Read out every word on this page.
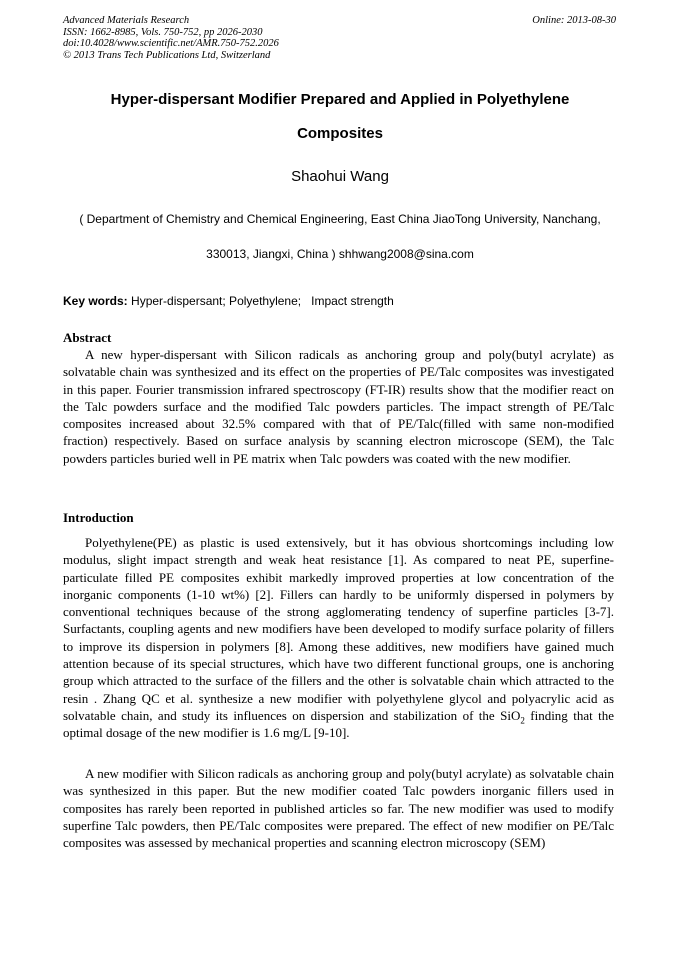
Advanced Materials Research
ISSN: 1662-8985, Vols. 750-752, pp 2026-2030
doi:10.4028/www.scientific.net/AMR.750-752.2026
© 2013 Trans Tech Publications Ltd, Switzerland
Online: 2013-08-30
Hyper-dispersant Modifier Prepared and Applied in Polyethylene
Composites
Shaohui Wang
( Department of Chemistry and Chemical Engineering, East China JiaoTong University, Nanchang,
330013, Jiangxi, China ) shhwang2008@sina.com
Key words: Hyper-dispersant; Polyethylene;   Impact strength
Abstract

A new hyper-dispersant with Silicon radicals as anchoring group and poly(butyl acrylate) as solvatable chain was synthesized and its effect on the properties of PE/Talc composites was investigated in this paper. Fourier transmission infrared spectroscopy (FT-IR) results show that the modifier react on the Talc powders surface and the modified Talc powders particles. The impact strength of PE/Talc composites increased about 32.5% compared with that of PE/Talc(filled with same non-modified fraction) respectively. Based on surface analysis by scanning electron microscope (SEM), the Talc powders particles buried well in PE matrix when Talc powders was coated with the new modifier.

Introduction

Polyethylene(PE) as plastic is used extensively, but it has obvious shortcomings including low modulus, slight impact strength and weak heat resistance [1]. As compared to neat PE, superfine-particulate filled PE composites exhibit markedly improved properties at low concentration of the inorganic components (1-10 wt%) [2]. Fillers can hardly to be uniformly dispersed in polymers by conventional techniques because of the strong agglomerating tendency of superfine particles [3-7]. Surfactants, coupling agents and new modifiers have been developed to modify surface polarity of fillers to improve its dispersion in polymers [8]. Among these additives, new modifiers have gained much attention because of its special structures, which have two different functional groups, one is anchoring group which attracted to the surface of the fillers and the other is solvatable chain which attracted to the resin . Zhang QC et al. synthesize a new modifier with polyethylene glycol and polyacrylic acid as solvatable chain, and study its influences on dispersion and stabilization of the SiO$_2$ finding that the optimal dosage of the new modifier is 1.6 mg/L [9-10].

A new modifier with Silicon radicals as anchoring group and poly(butyl acrylate) as solvatable chain was synthesized in this paper. But the new modifier coated Talc powders inorganic fillers used in composites has rarely been reported in published articles so far. The new modifier was used to modify superfine Talc powders, then PE/Talc composites were prepared. The effect of new modifier on PE/Talc composites was assessed by mechanical properties and scanning electron microscopy (SEM)
